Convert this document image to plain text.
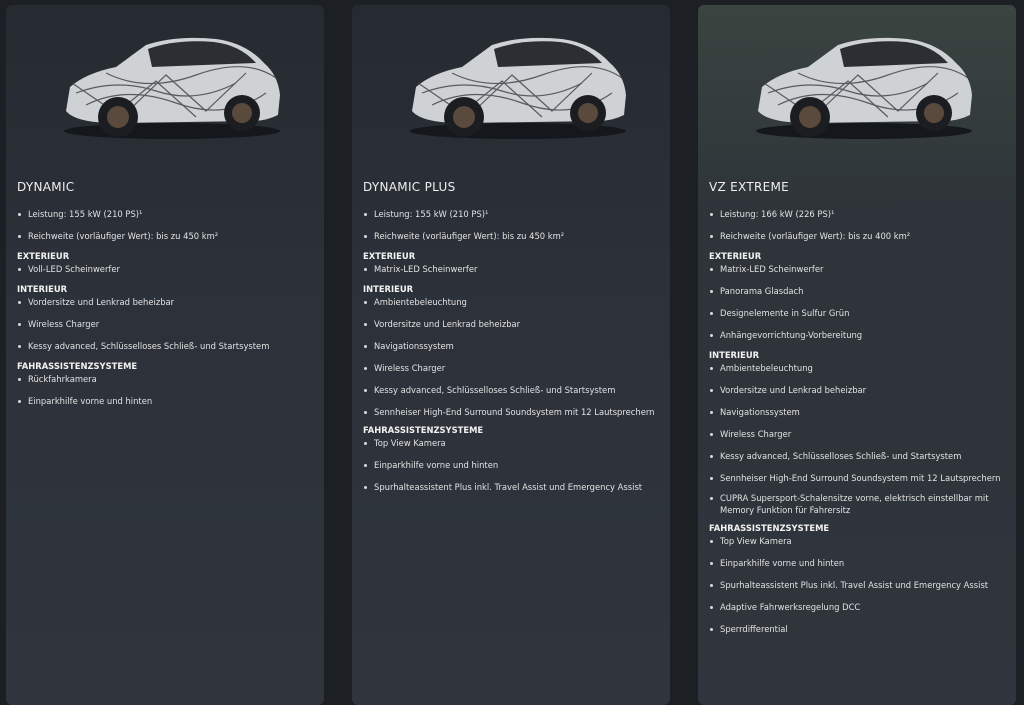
DYNAMIC
Leistung: 155 kW (210 PS)¹
Reichweite (vorläufiger Wert): bis zu 450 km²
EXTERIEUR
Voll-LED Scheinwerfer
INTERIEUR
Vordersitze und Lenkrad beheizbar
Wireless Charger
Kessy advanced, Schlüsselloses Schließ- und Startsystem
FAHRASSISTENZSYSTEME
Rückfahrkamera
Einparkhilfe vorne und hinten
DYNAMIC PLUS
Leistung: 155 kW (210 PS)¹
Reichweite (vorläufiger Wert): bis zu 450 km²
EXTERIEUR
Matrix-LED Scheinwerfer
INTERIEUR
Ambientebeleuchtung
Vordersitze und Lenkrad beheizbar
Navigationssystem
Wireless Charger
Kessy advanced, Schlüsselloses Schließ- und Startsystem
Sennheiser High-End Surround Soundsystem mit 12 Lautsprechern
FAHRASSISTENZSYSTEME
Top View Kamera
Einparkhilfe vorne und hinten
Spurhalteassistent Plus inkl. Travel Assist und Emergency Assist
VZ EXTREME
Leistung: 166 kW (226 PS)¹
Reichweite (vorläufiger Wert): bis zu 400 km²
EXTERIEUR
Matrix-LED Scheinwerfer
Panorama Glasdach
Designelemente in Sulfur Grün
Anhängevorrichtung-Vorbereitung
INTERIEUR
Ambientebeleuchtung
Vordersitze und Lenkrad beheizbar
Navigationssystem
Wireless Charger
Kessy advanced, Schlüsselloses Schließ- und Startsystem
Sennheiser High-End Surround Soundsystem mit 12 Lautsprechern
CUPRA Supersport-Schalensitze vorne, elektrisch einstellbar mit Memory Funktion für Fahrersitz
FAHRASSISTENZSYSTEME
Top View Kamera
Einparkhilfe vorne und hinten
Spurhalteassistent Plus inkl. Travel Assist und Emergency Assist
Adaptive Fahrwerksregelung DCC
Sperrdifferential
